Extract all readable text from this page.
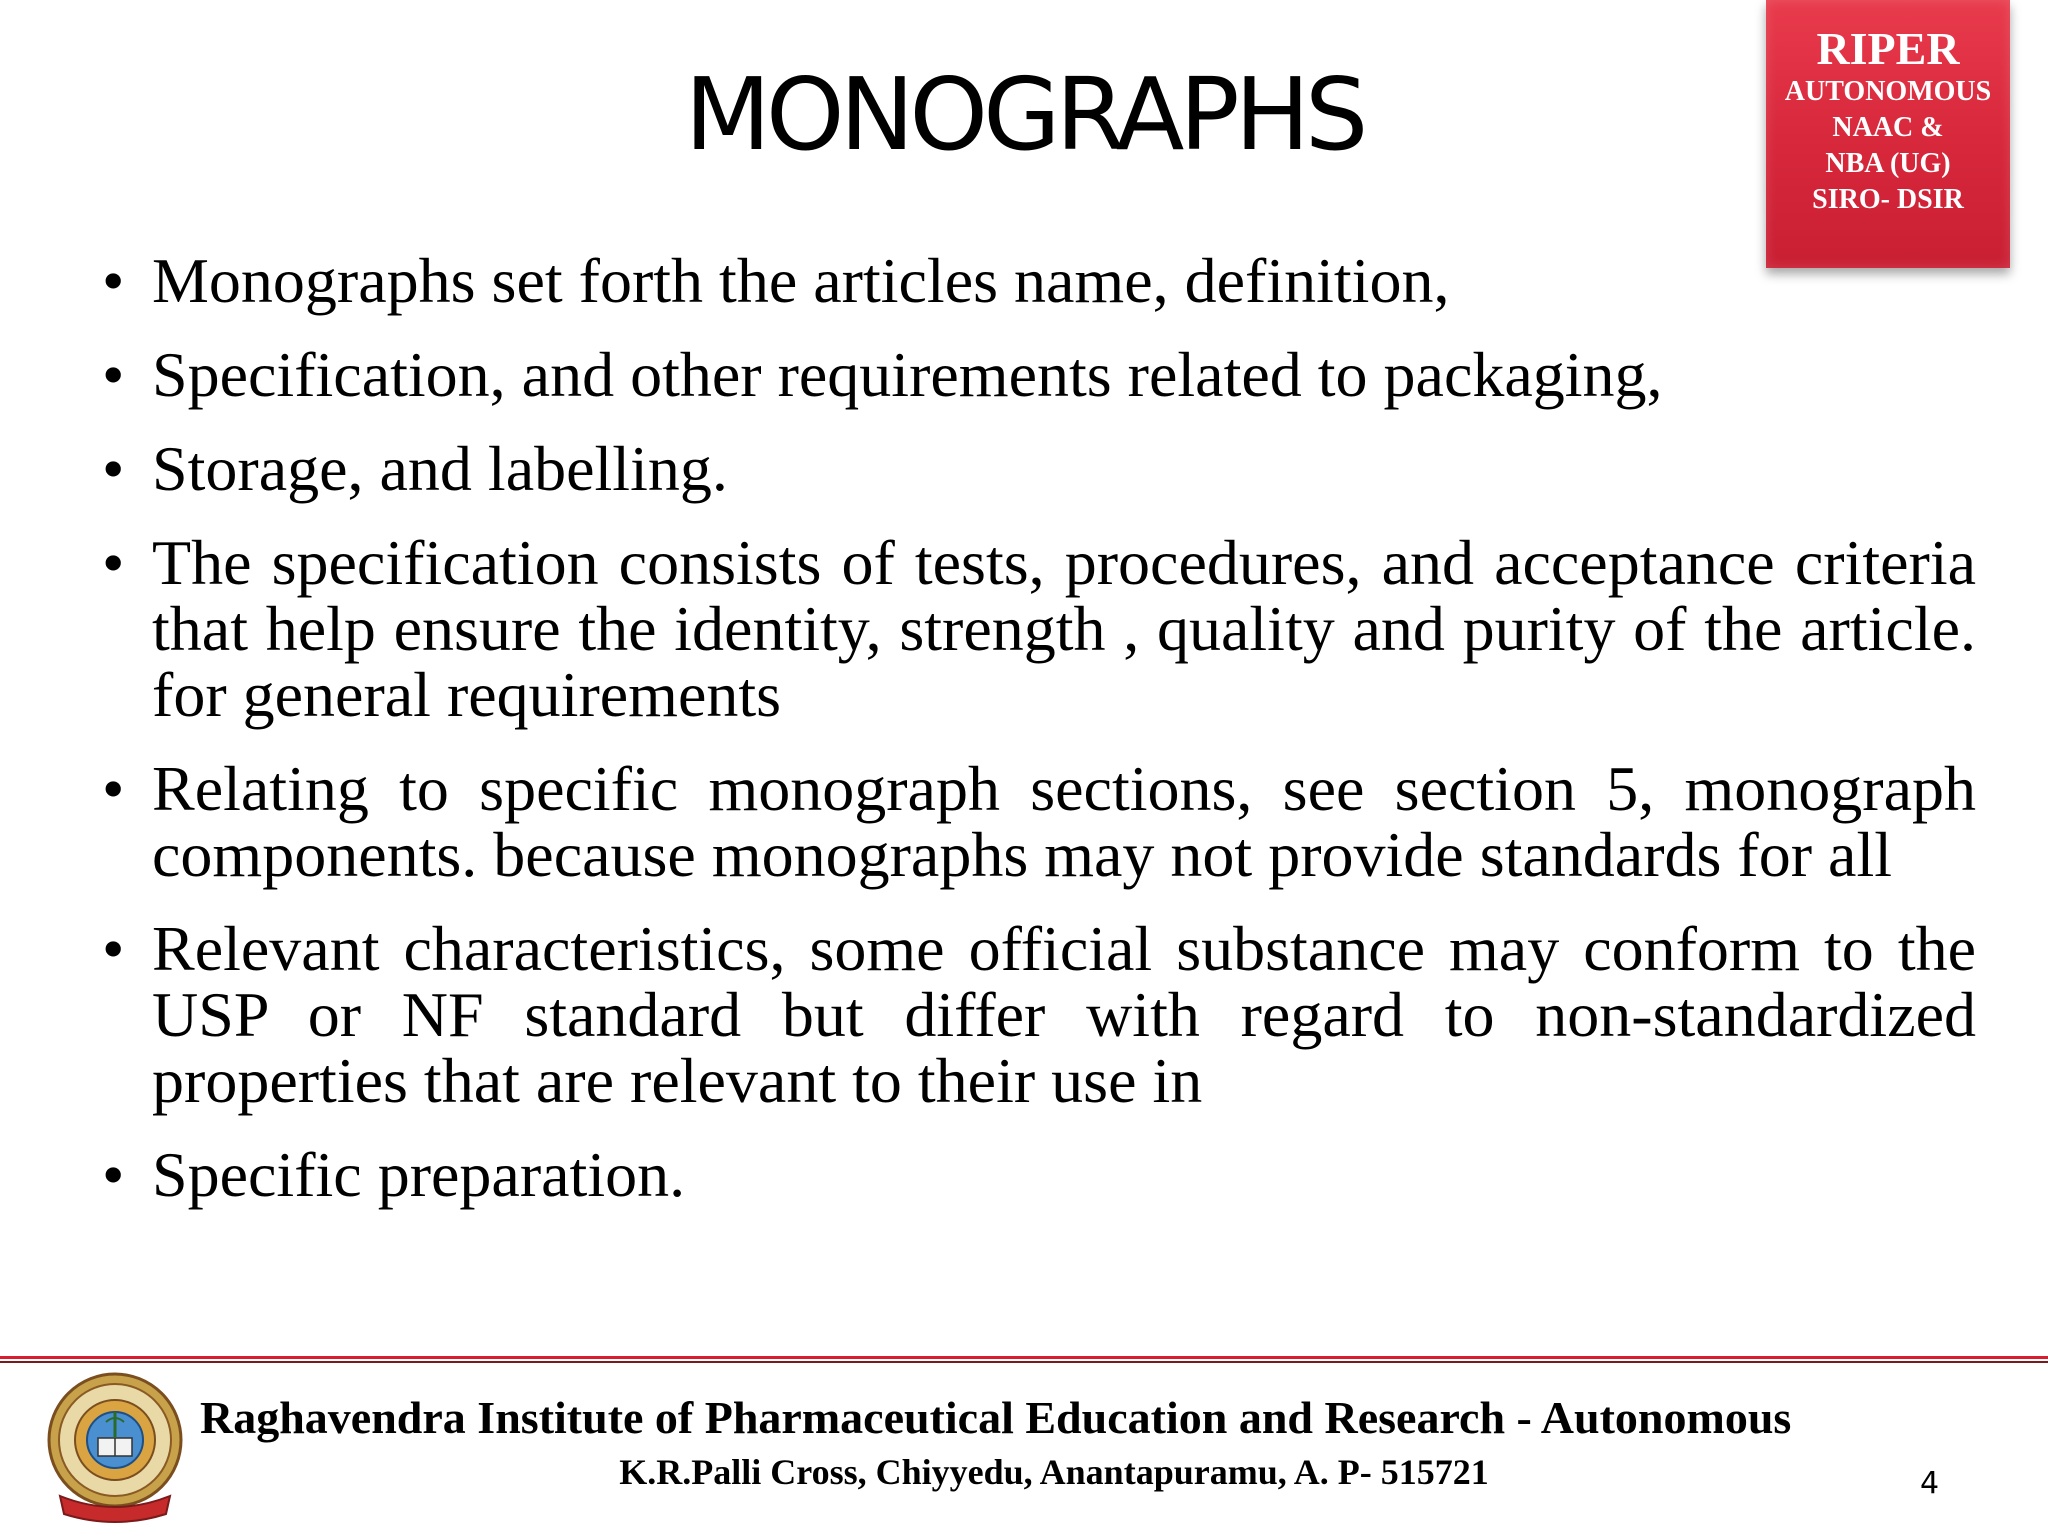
MONOGRAPHS
RIPER
AUTONOMOUS
NAAC &
NBA (UG)
SIRO- DSIR
• Monographs set forth the articles name, definition,
• Specification, and other requirements related to packaging,
• Storage, and labelling.
• The specification consists of tests, procedures, and acceptance criteria that help ensure the identity, strength , quality and purity of the article. for general requirements
• Relating to specific monograph sections, see section 5, monograph components. because monographs may not provide standards for all
• Relevant characteristics, some official substance may conform to the USP or NF standard but differ with regard to non-standardized properties that are relevant to their use in
• Specific preparation.
Raghavendra Institute of Pharmaceutical Education and Research - Autonomous
K.R.Palli Cross, Chiyyedu, Anantapuramu, A. P- 515721	4
